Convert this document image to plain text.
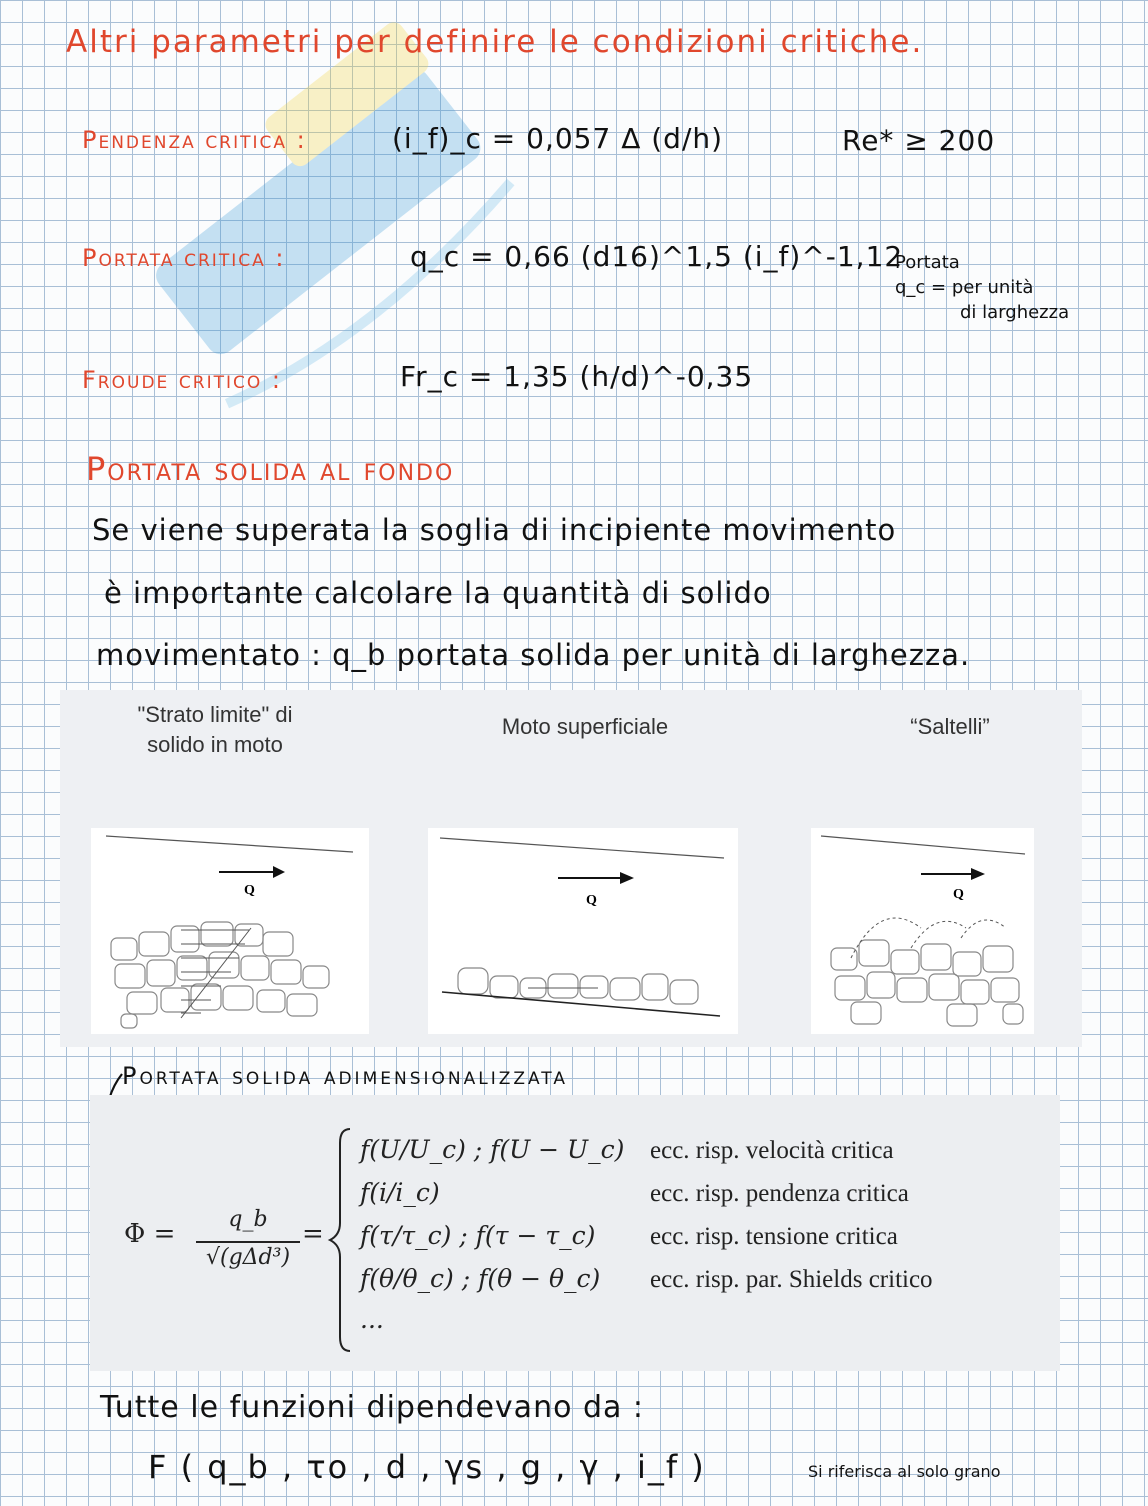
Altri parametri per definire le condizioni critiche.
Pendenza critica :	(i_f)_c = 0,057 Δ (d/h)	Re* ≥ 200
Portata critica :	q_c = 0,66 (d16)^1,5 (i_f)^-1,12
Portata
q_c = per unità
di larghezza
Froude critico :	Fr_c = 1,35 (h/d)^-0,35
Portata solida al fondo
Se viene superata la soglia di incipiente movimento
è importante calcolare la quantità di solido
movimentato : q_b portata solida per unità di larghezza.
"Strato limite" di
solido in moto
Moto superficiale	“Saltelli”
Q
Q	Q
Portata solida adimensionalizzata
Φ =	q_b
√(gΔd³)
=
f(U/U_c) ; f(U − U_c) ecc. risp. velocità critica
f(i/i_c)	ecc. risp. pendenza critica
f(τ/τ_c) ; f(τ − τ_c) ecc. risp. tensione critica
f(θ/θ_c) ; f(θ − θ_c) ecc. risp. par. Shields critico
...
Tutte le funzioni dipendevano da :
F ( q_b , τo , d , γs , g , γ , i_f )	Si riferisca al solo grano
